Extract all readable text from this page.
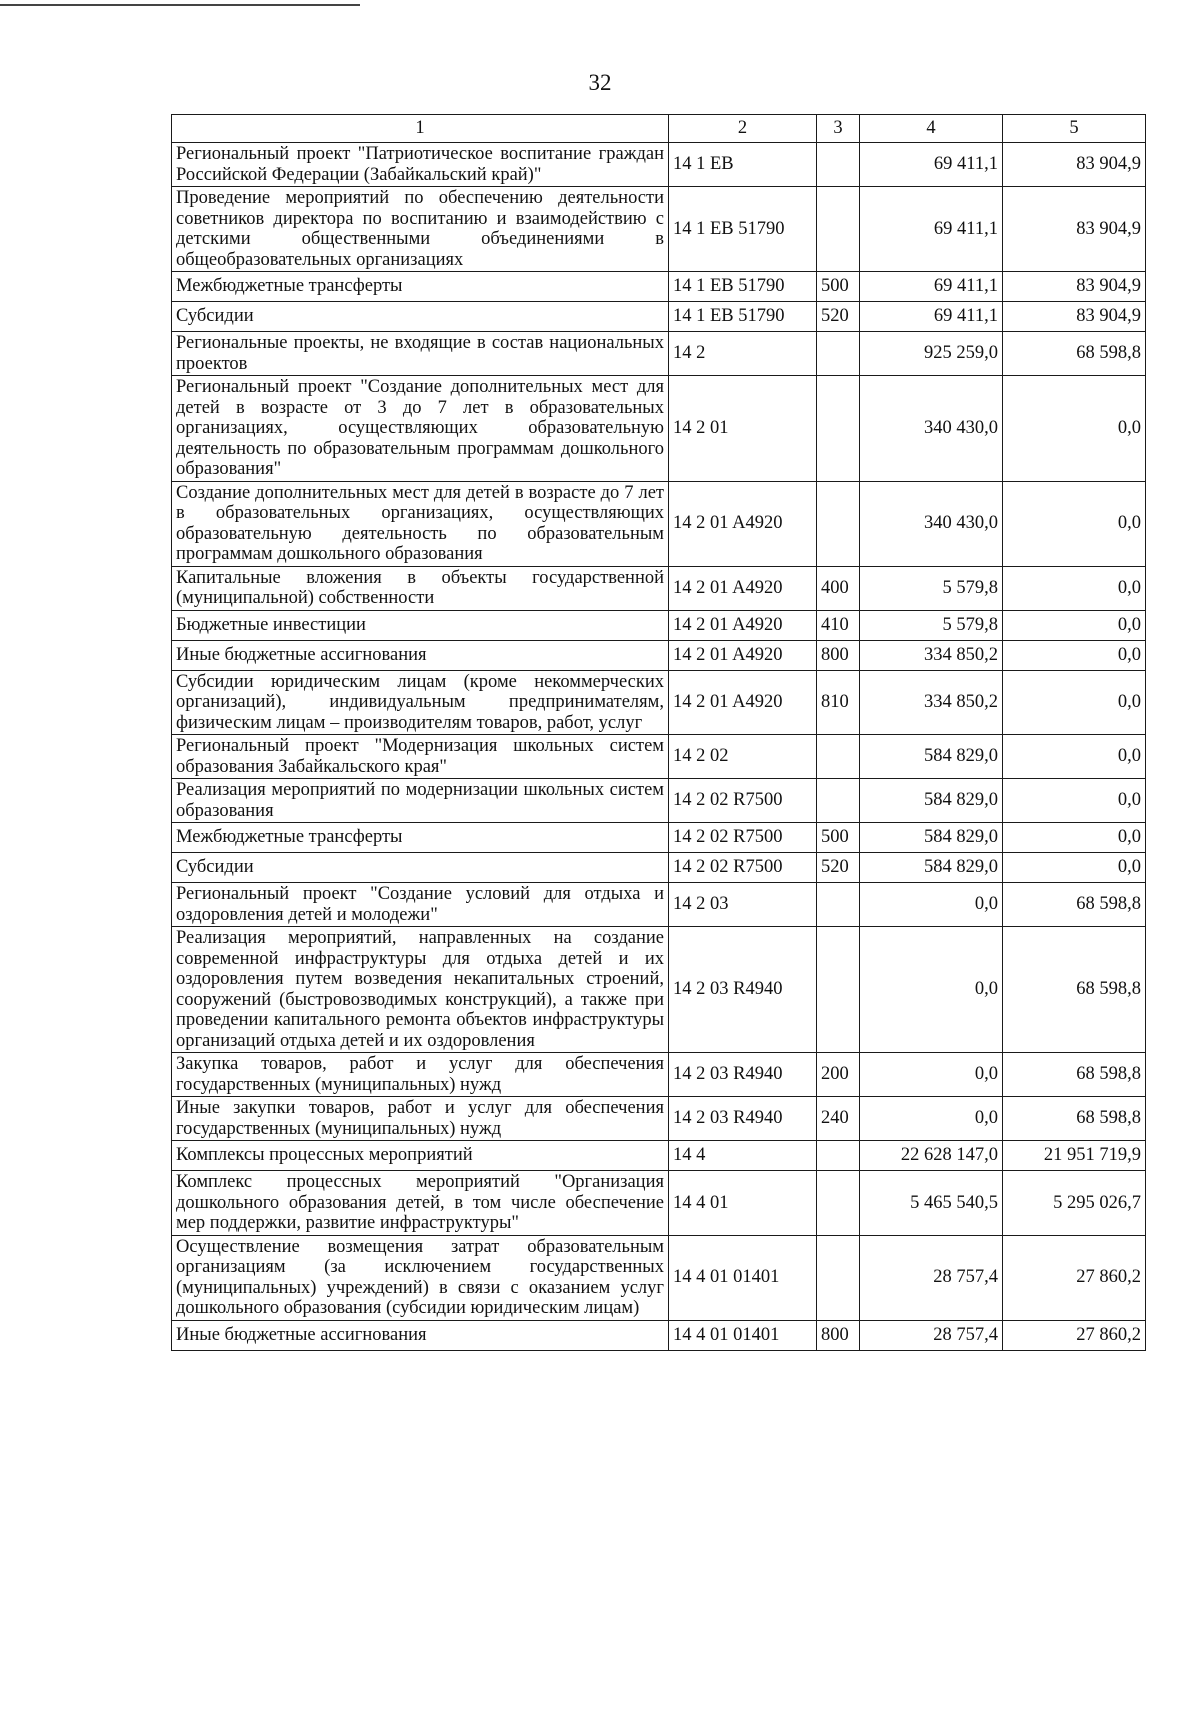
32
1	2	3	4	5
Региональный проект "Патриотическое воспитание граждан Российской Федерации (Забайкальский край)"	14 1 EB		69 411,1	83 904,9
Проведение мероприятий по обеспечению деятельности советников директора по воспитанию и взаимодействию с детскими общественными объединениями в общеобразовательных организациях	14 1 EB 51790		69 411,1	83 904,9
Межбюджетные трансферты	14 1 EB 51790	500	69 411,1	83 904,9
Субсидии	14 1 EB 51790	520	69 411,1	83 904,9
Региональные проекты, не входящие в состав национальных проектов	14 2		925 259,0	68 598,8
Региональный проект "Создание дополнительных мест для детей в возрасте от 3 до 7 лет в образовательных организациях, осуществляющих образовательную деятельность по образовательным программам дошкольного образования"	14 2 01		340 430,0	0,0
Создание дополнительных мест для детей в возрасте до 7 лет в образовательных организациях, осуществляющих образовательную деятельность по образовательным программам дошкольного образования	14 2 01 A4920		340 430,0	0,0
Капитальные вложения в объекты государственной (муниципальной) собственности	14 2 01 A4920	400	5 579,8	0,0
Бюджетные инвестиции	14 2 01 A4920	410	5 579,8	0,0
Иные бюджетные ассигнования	14 2 01 A4920	800	334 850,2	0,0
Субсидии юридическим лицам (кроме некоммерческих организаций), индивидуальным предпринимателям, физическим лицам – производителям товаров, работ, услуг	14 2 01 A4920	810	334 850,2	0,0
Региональный проект "Модернизация школьных систем образования Забайкальского края"	14 2 02		584 829,0	0,0
Реализация мероприятий по модернизации школьных систем образования	14 2 02 R7500		584 829,0	0,0
Межбюджетные трансферты	14 2 02 R7500	500	584 829,0	0,0
Субсидии	14 2 02 R7500	520	584 829,0	0,0
Региональный проект "Создание условий для отдыха и оздоровления детей и молодежи"	14 2 03		0,0	68 598,8
Реализация мероприятий, направленных на создание современной инфраструктуры для отдыха детей и их оздоровления путем возведения некапитальных строений, сооружений (быстровозводимых конструкций), а также при проведении капитального ремонта объектов инфраструктуры организаций отдыха детей и их оздоровления	14 2 03 R4940		0,0	68 598,8
Закупка товаров, работ и услуг для обеспечения государственных (муниципальных) нужд	14 2 03 R4940	200	0,0	68 598,8
Иные закупки товаров, работ и услуг для обеспечения государственных (муниципальных) нужд	14 2 03 R4940	240	0,0	68 598,8
Комплексы процессных мероприятий	14 4		22 628 147,0	21 951 719,9
Комплекс процессных мероприятий "Организация дошкольного образования детей, в том числе обеспечение мер поддержки, развитие инфраструктуры"	14 4 01		5 465 540,5	5 295 026,7
Осуществление возмещения затрат образовательным организациям (за исключением государственных (муниципальных) учреждений) в связи с оказанием услуг дошкольного образования (субсидии юридическим лицам)	14 4 01 01401		28 757,4	27 860,2
Иные бюджетные ассигнования	14 4 01 01401	800	28 757,4	27 860,2
